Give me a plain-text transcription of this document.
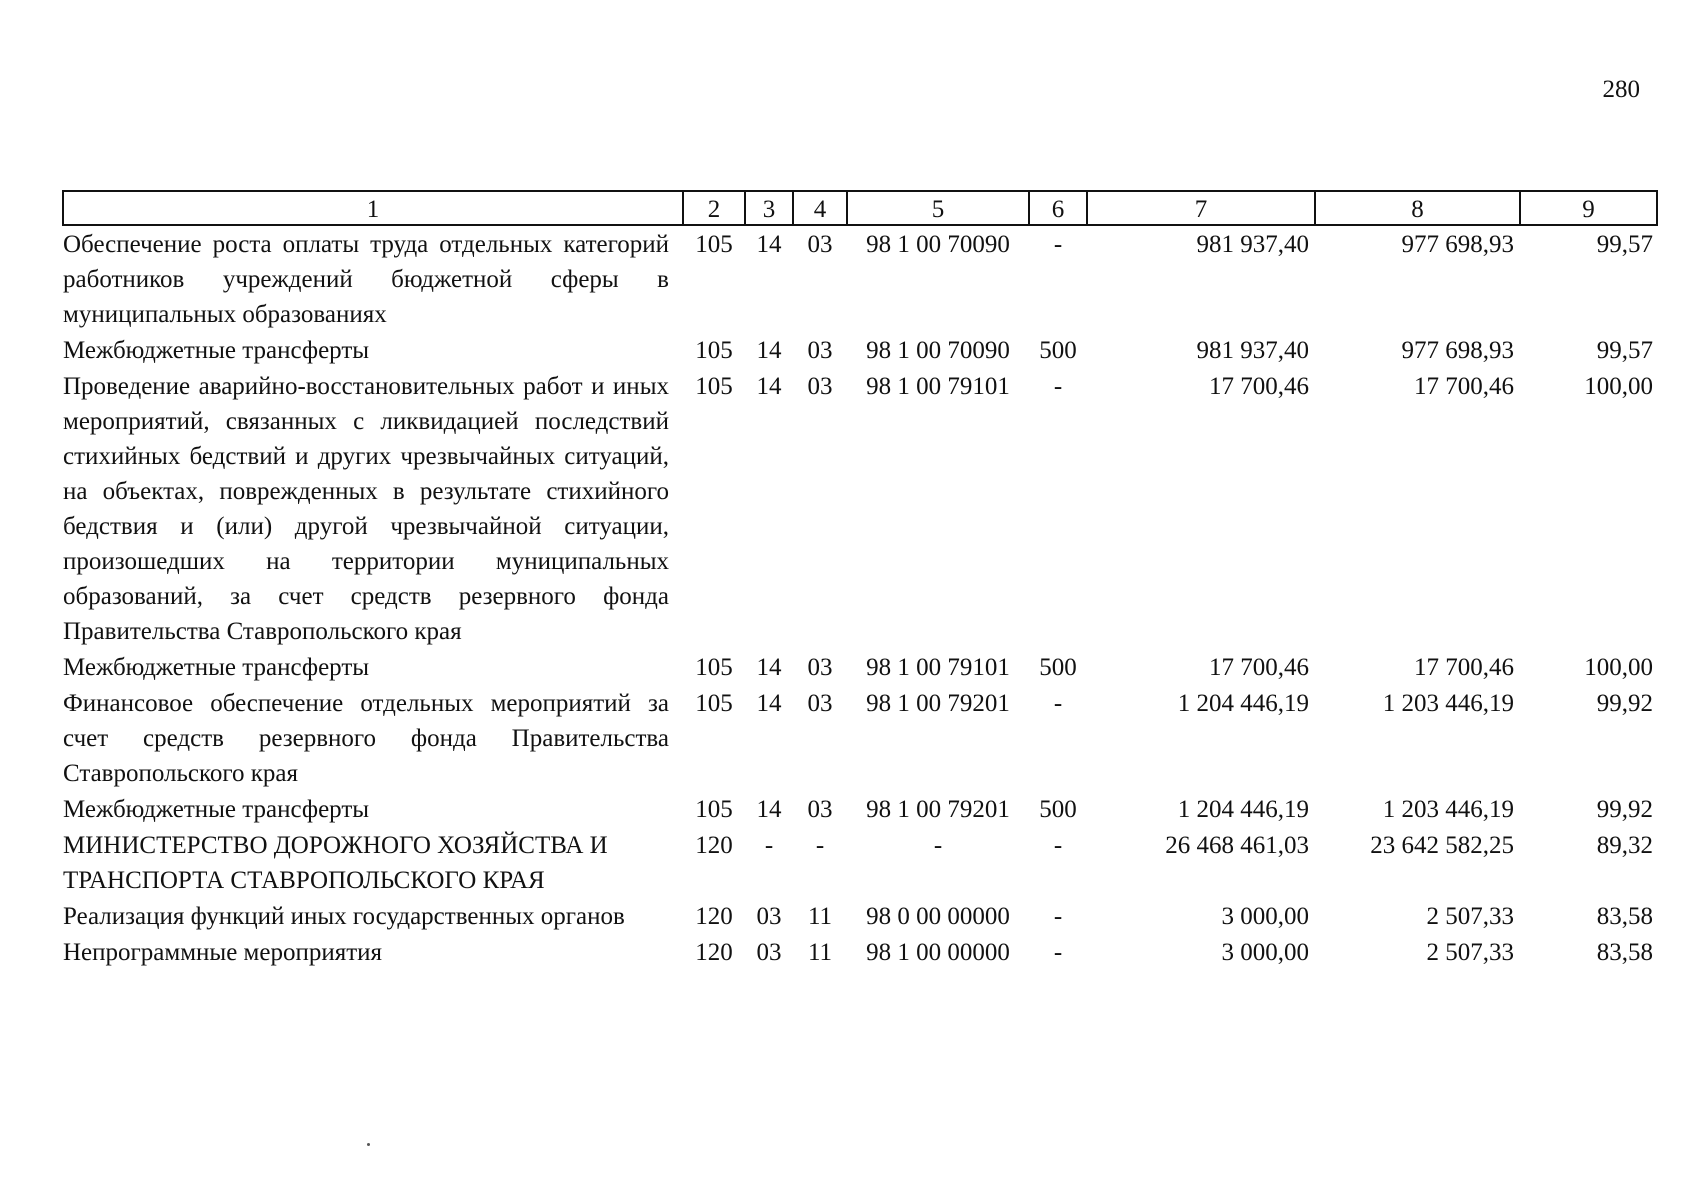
280
1	2	3	4	5	6	7	8	9
Обеспечение роста оплаты труда отдельных категорий работников учреждений бюджетной сферы в муниципальных образованиях	105	14	03	98 1 00 70090	-	981 937,40	977 698,93	99,57
Межбюджетные трансферты	105	14	03	98 1 00 70090	500	981 937,40	977 698,93	99,57
Проведение аварийно-восстановительных работ и иных мероприятий, связанных с ликвидацией последствий стихийных бедствий и других чрезвычайных ситуаций, на объектах, поврежденных в результате стихийного бедствия и (или) другой чрезвычайной ситуации, произошедших на территории муниципальных образований, за счет средств резервного фонда Правительства Ставропольского края	105	14	03	98 1 00 79101	-	17 700,46	17 700,46	100,00
Межбюджетные трансферты	105	14	03	98 1 00 79101	500	17 700,46	17 700,46	100,00
Финансовое обеспечение отдельных мероприятий за счет средств резервного фонда Правительства Ставропольского края	105	14	03	98 1 00 79201	-	1 204 446,19	1 203 446,19	99,92
Межбюджетные трансферты	105	14	03	98 1 00 79201	500	1 204 446,19	1 203 446,19	99,92
МИНИСТЕРСТВО ДОРОЖНОГО ХОЗЯЙСТВА И ТРАНСПОРТА СТАВРОПОЛЬСКОГО КРАЯ	120	-	-	-	-	26 468 461,03	23 642 582,25	89,32
Реализация функций иных государственных органов	120	03	11	98 0 00 00000	-	3 000,00	2 507,33	83,58
Непрограммные мероприятия	120	03	11	98 1 00 00000	-	3 000,00	2 507,33	83,58
